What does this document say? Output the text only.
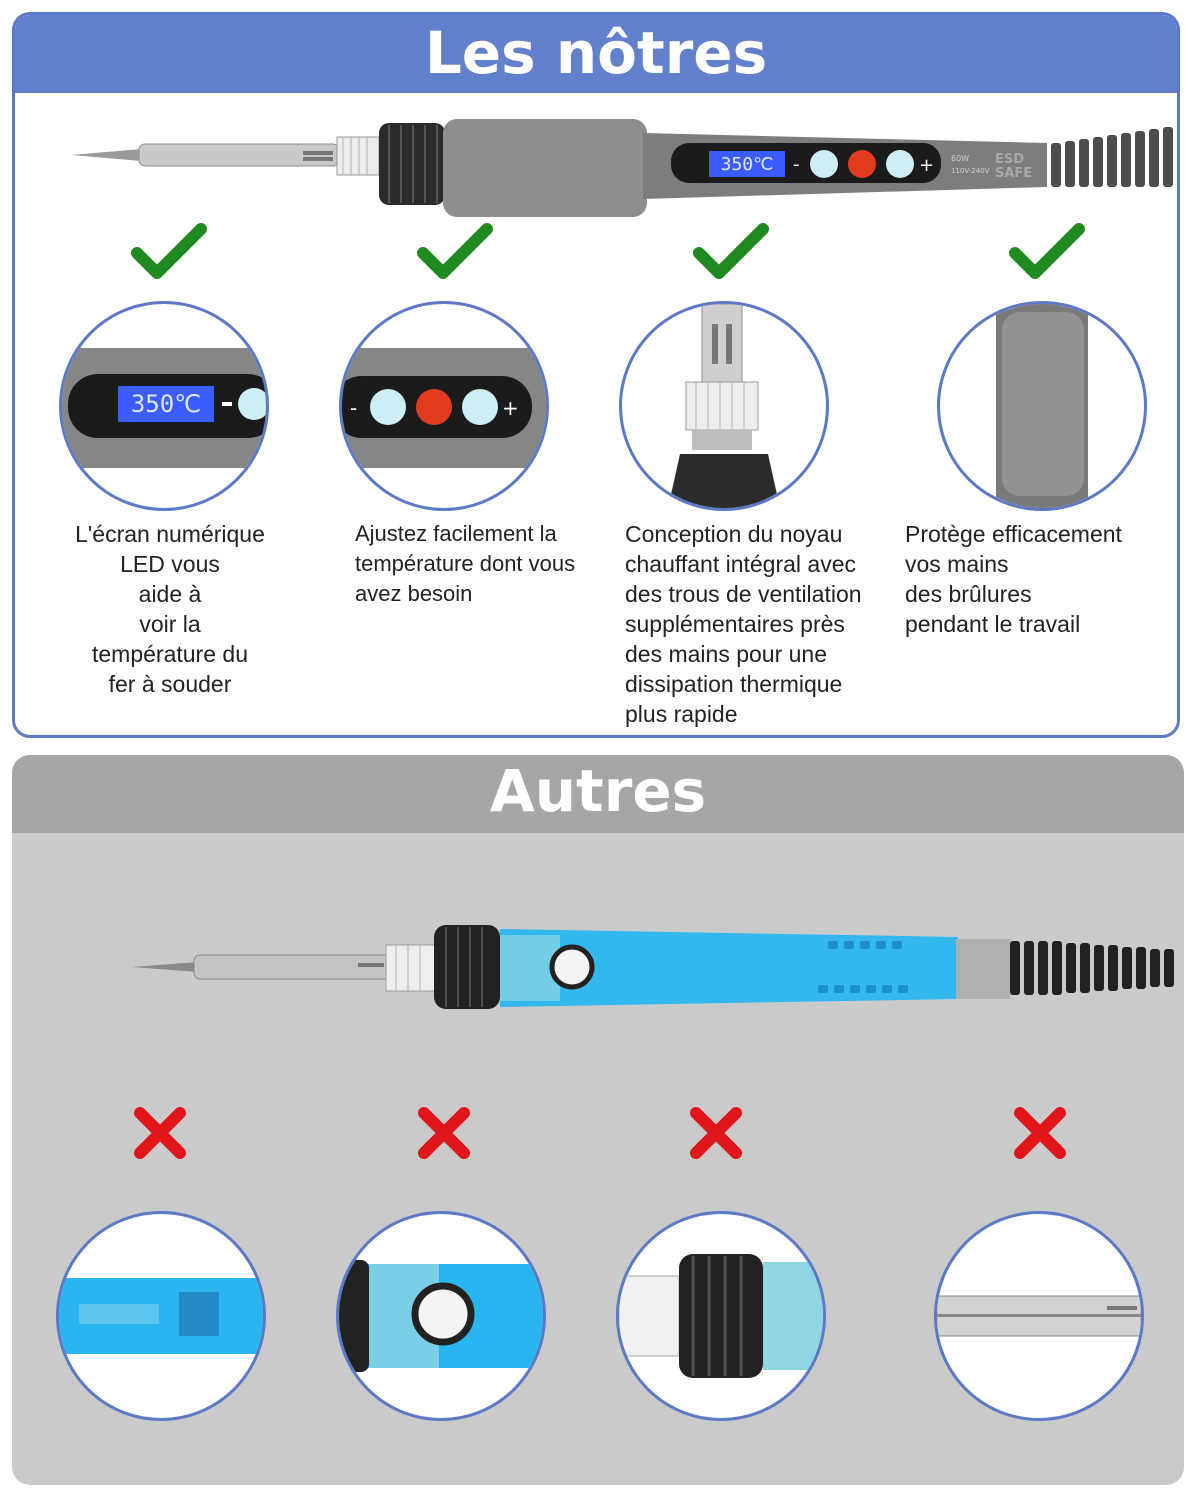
Les nôtres
350℃ -	+ 60W
110V-240V
ESD
SAFE
350℃	-	+
L'écran numérique
LED vous
aide à
voir la
température du
fer à souder
Ajustez facilement la
température dont vous
avez besoin
Conception du noyau
chauffant intégral avec
des trous de ventilation
supplémentaires près
des mains pour une
dissipation thermique
plus rapide
Protège efficacement
vos mains
des brûlures
pendant le travail
Autres
